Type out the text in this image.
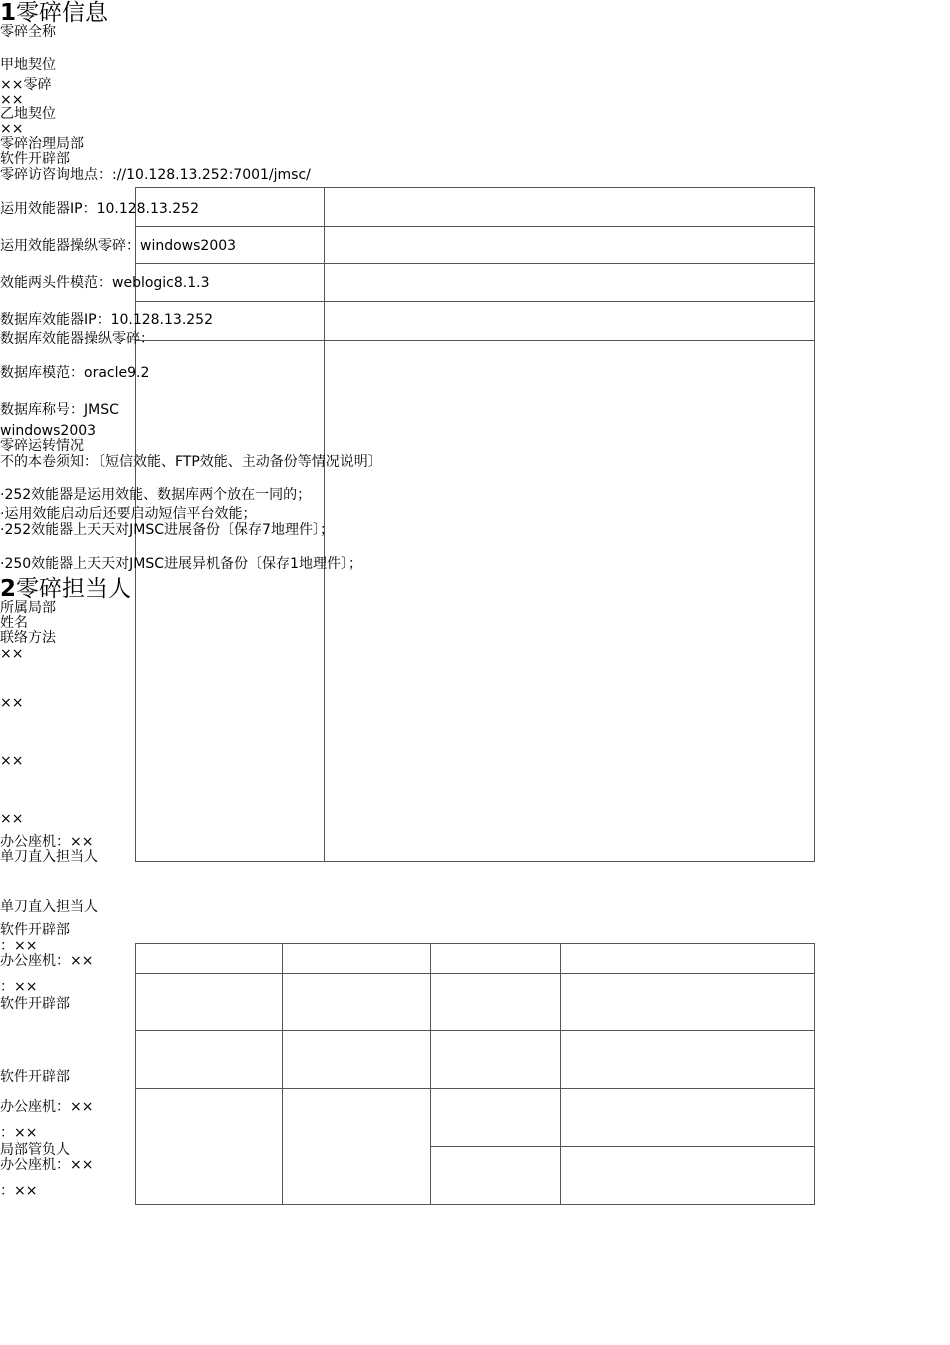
1零碎信息
零碎全称
甲地契位
××零碎
××
乙地契位
××
零碎治理局部
软件开辟部
零碎访咨询地点：://10.128.13.252:7001/jmsc/
运用效能器IP：10.128.13.252
运用效能器操纵零碎：windows2003
效能两头件模范：weblogic8.1.3
数据库效能器IP：10.128.13.252
数据库效能器操纵零碎：
数据库模范：oracle9.2
数据库称号：JMSC
windows2003
零碎运转情况
不的本卷须知：〔短信效能、FTP效能、主动备份等情况说明〕
·252效能器是运用效能、数据库两个放在一同的；
·运用效能启动后还要启动短信平台效能；
·252效能器上天天对JMSC进展备份〔保存7地理件〕；
·250效能器上天天对JMSC进展异机备份〔保存1地理件〕；
2零碎担当人
所属局部
姓名
联络方法
××
××
××
××
办公座机：××
单刀直入担当人
单刀直入担当人
软件开辟部
：××
办公座机：××
：××
软件开辟部
软件开辟部
办公座机：××
：××
局部管负人
办公座机：××
：××
